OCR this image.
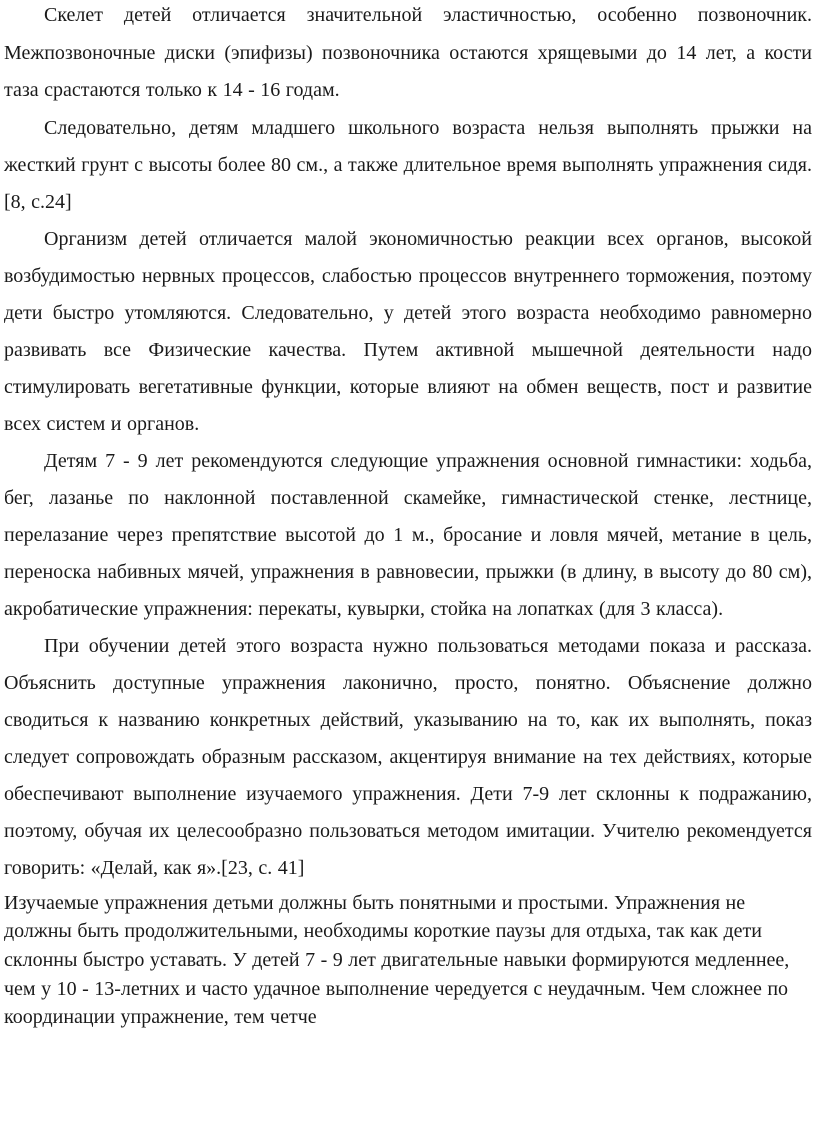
Скелет детей отличается значительной эластичностью, особенно позвоночник. Межпозвоночные диски (эпифизы) позвоночника остаются хрящевыми до 14 лет, а кости таза срастаются только к 14 - 16 годам.

Следовательно, детям младшего школьного возраста нельзя выполнять прыжки на жесткий грунт с высоты более 80 см., а также длительное время выполнять упражнения сидя.[8, с.24]

Организм детей отличается малой экономичностью реакции всех органов, высокой возбудимостью нервных процессов, слабостью процессов внутреннего торможения, поэтому дети быстро утомляются. Следовательно, у детей этого возраста необходимо равномерно развивать все Физические качества. Путем активной мышечной деятельности надо стимулировать вегетативные функции, которые влияют на обмен веществ, пост и развитие всех систем и органов.

Детям 7 - 9 лет рекомендуются следующие упражнения основной гимнастики: ходьба, бег, лазанье по наклонной поставленной скамейке, гимнастической стенке, лестнице, перелазание через препятствие высотой до 1 м., бросание и ловля мячей, метание в цель, переноска набивных мячей, упражнения в равновесии, прыжки (в длину, в высоту до 80 см), акробатические упражнения: перекаты, кувырки, стойка на лопатках (для 3 класса).

При обучении детей этого возраста нужно пользоваться методами показа и рассказа. Объяснить доступные упражнения лаконично, просто, понятно. Объяснение должно сводиться к названию конкретных действий, указыванию на то, как их выполнять, показ следует сопровождать образным рассказом, акцентируя внимание на тех действиях, которые обеспечивают выполнение изучаемого упражнения. Дети 7-9 лет склонны к подражанию, поэтому, обучая их целесообразно пользоваться методом имитации. Учителю рекомендуется говорить: «Делай, как я».[23, с. 41]

Изучаемые упражнения детьми должны быть понятными и простыми. Упражнения не должны быть продолжительными, необходимы короткие паузы для отдыха, так как дети склонны быстро уставать. У детей 7 - 9 лет двигательные навыки формируются медленнее, чем у 10 - 13-летних и часто удачное выполнение чередуется с неудачным. Чем сложнее по координации упражнение, тем четче
